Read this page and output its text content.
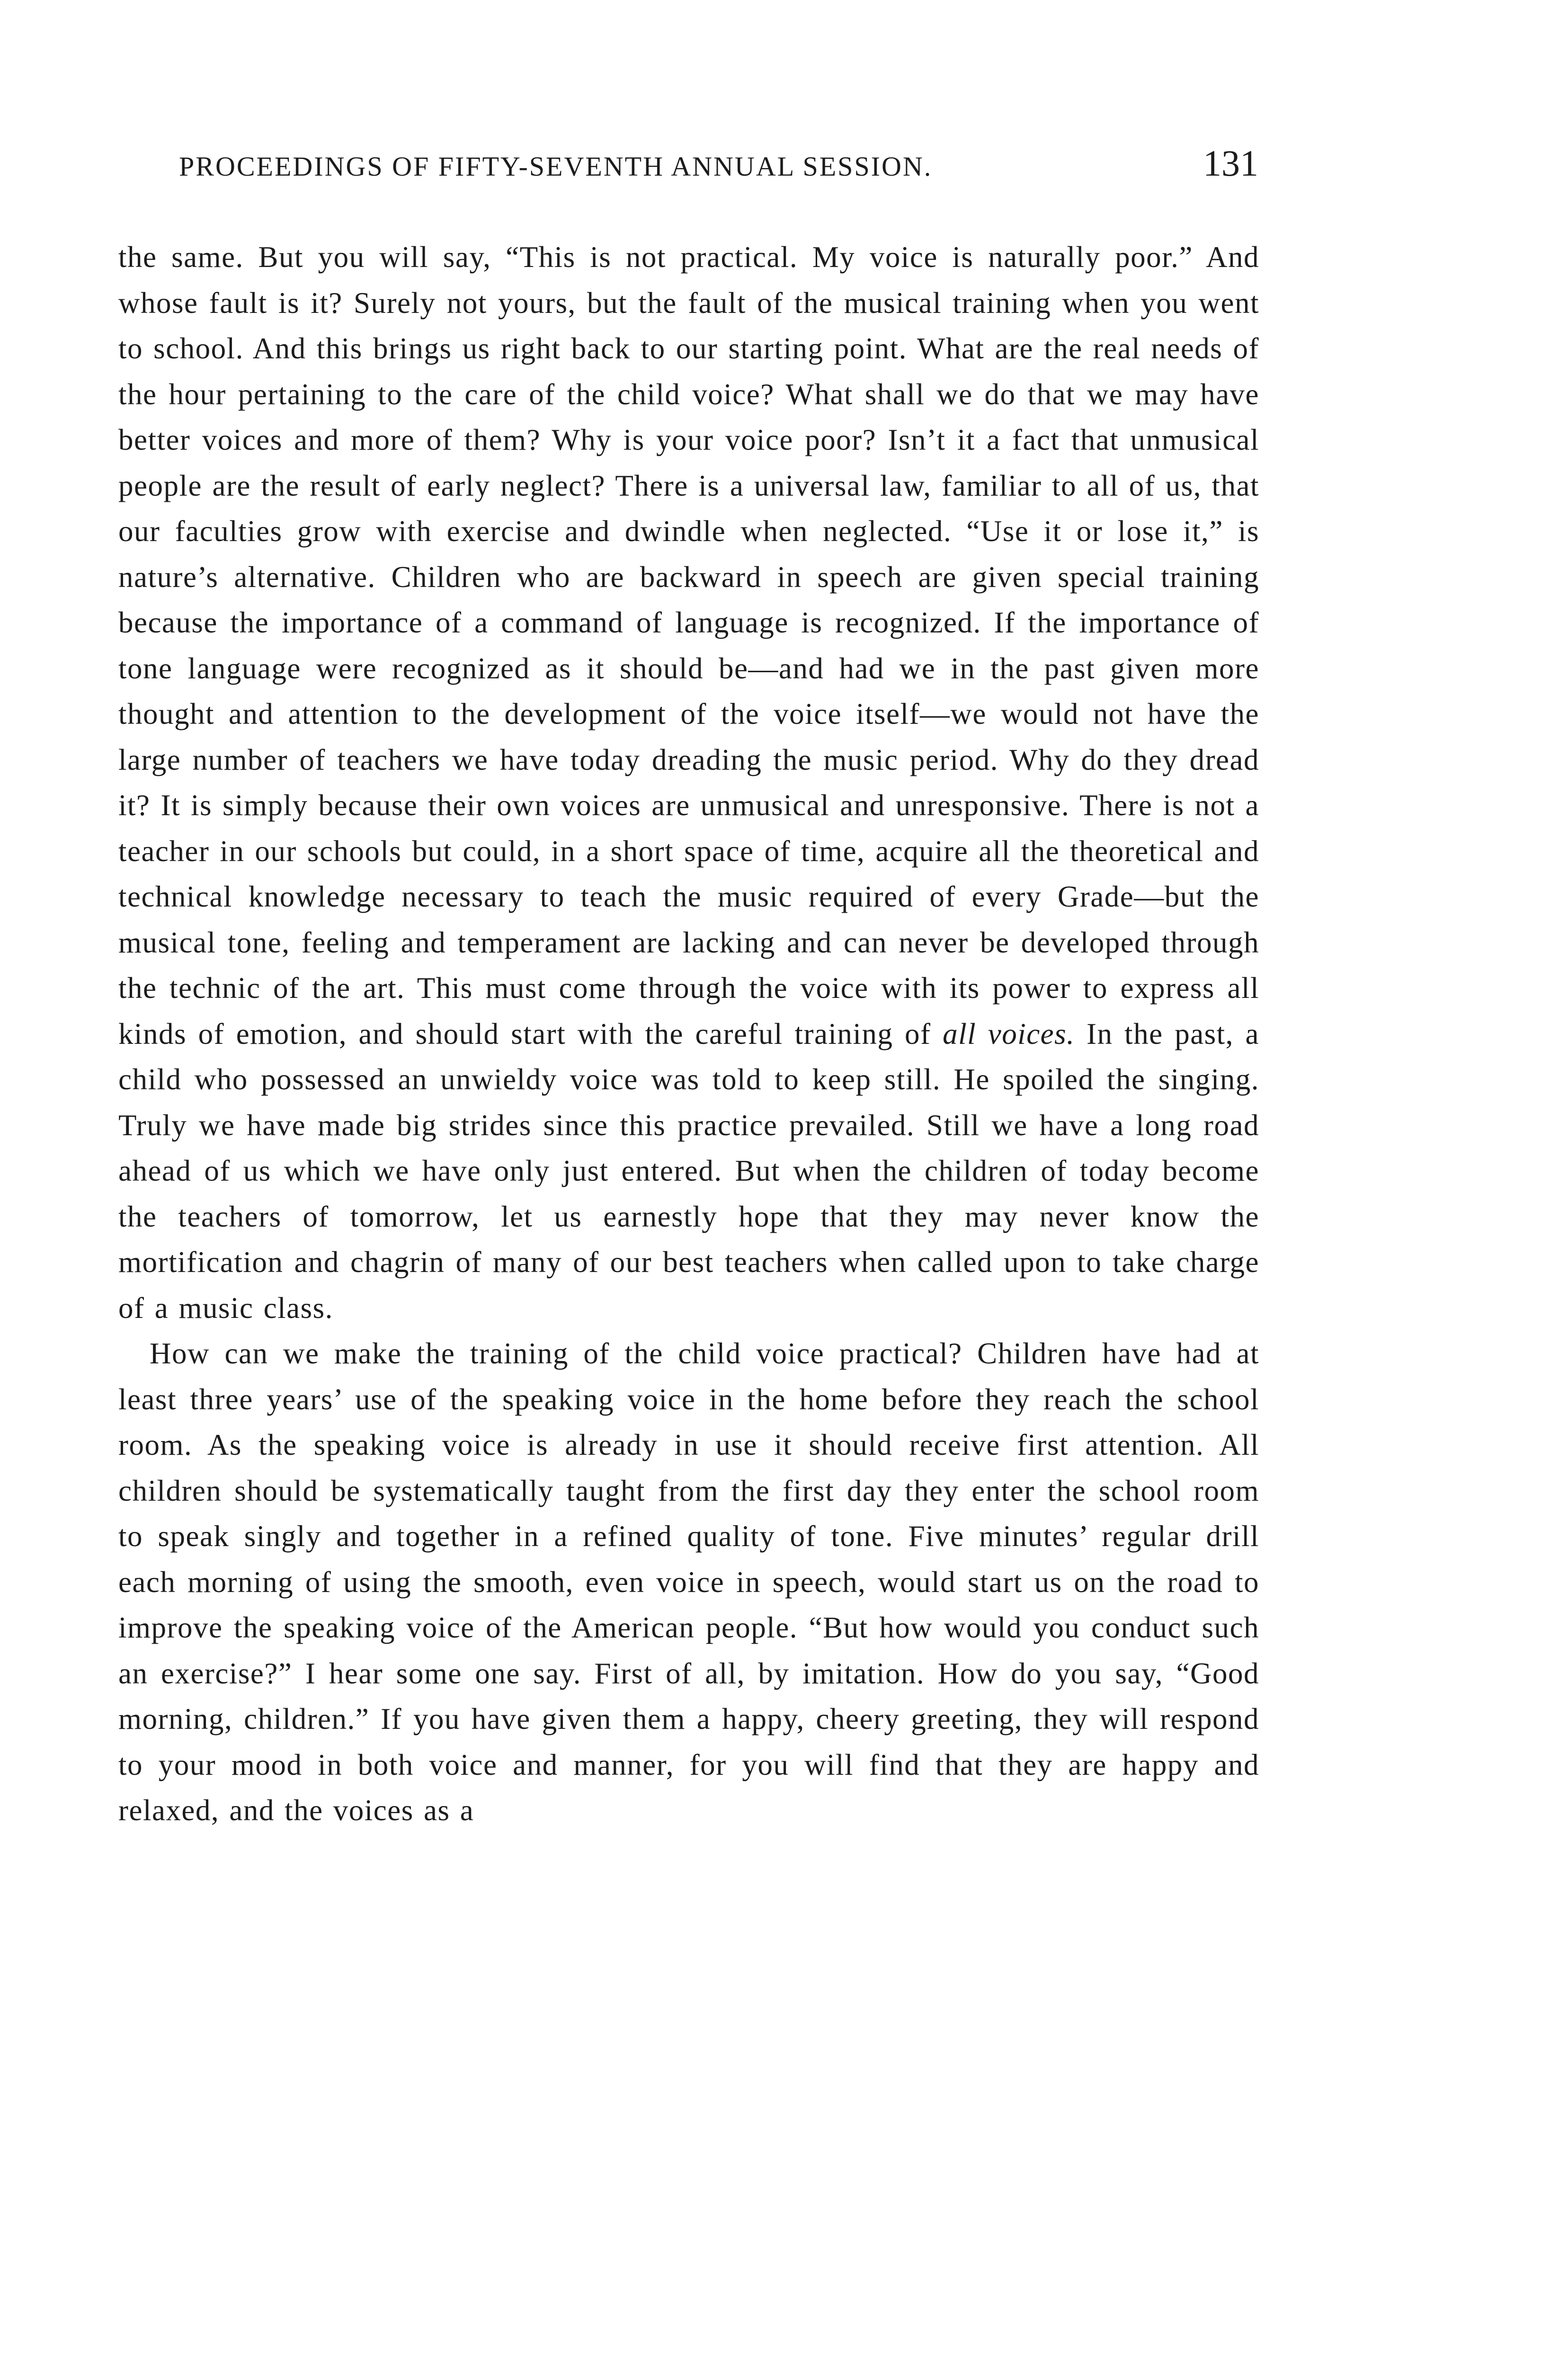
PROCEEDINGS OF FIFTY-SEVENTH ANNUAL SESSION.	131

the same. But you will say, “This is not practical. My voice is naturally poor.” And whose fault is it? Surely not yours, but the fault of the musical training when you went to school. And this brings us right back to our starting point. What are the real needs of the hour pertaining to the care of the child voice? What shall we do that we may have better voices and more of them? Why is your voice poor? Isn’t it a fact that unmusical people are the result of early neglect? There is a universal law, familiar to all of us, that our faculties grow with exercise and dwindle when neglected. “Use it or lose it,” is nature’s alternative. Children who are backward in speech are given special training because the importance of a command of language is recognized. If the importance of tone language were recognized as it should be—and had we in the past given more thought and attention to the development of the voice itself—we would not have the large number of teachers we have today dreading the music period. Why do they dread it? It is simply because their own voices are unmusical and unresponsive. There is not a teacher in our schools but could, in a short space of time, acquire all the theoretical and technical knowledge necessary to teach the music required of every Grade—but the musical tone, feeling and temperament are lacking and can never be developed through the technic of the art. This must come through the voice with its power to express all kinds of emotion, and should start with the careful training of all voices. In the past, a child who possessed an unwieldy voice was told to keep still. He spoiled the singing. Truly we have made big strides since this practice prevailed. Still we have a long road ahead of us which we have only just entered. But when the children of today become the teachers of tomorrow, let us earnestly hope that they may never know the mortification and chagrin of many of our best teachers when called upon to take charge of a music class.

How can we make the training of the child voice practical? Children have had at least three years’ use of the speaking voice in the home before they reach the school room. As the speaking voice is already in use it should receive first attention. All children should be systematically taught from the first day they enter the school room to speak singly and together in a refined quality of tone. Five minutes’ regular drill each morning of using the smooth, even voice in speech, would start us on the road to improve the speaking voice of the American people. “But how would you conduct such an exercise?” I hear some one say. First of all, by imitation. How do you say, “Good morning, children.” If you have given them a happy, cheery greeting, they will respond to your mood in both voice and manner, for you will find that they are happy and relaxed, and the voices as a
